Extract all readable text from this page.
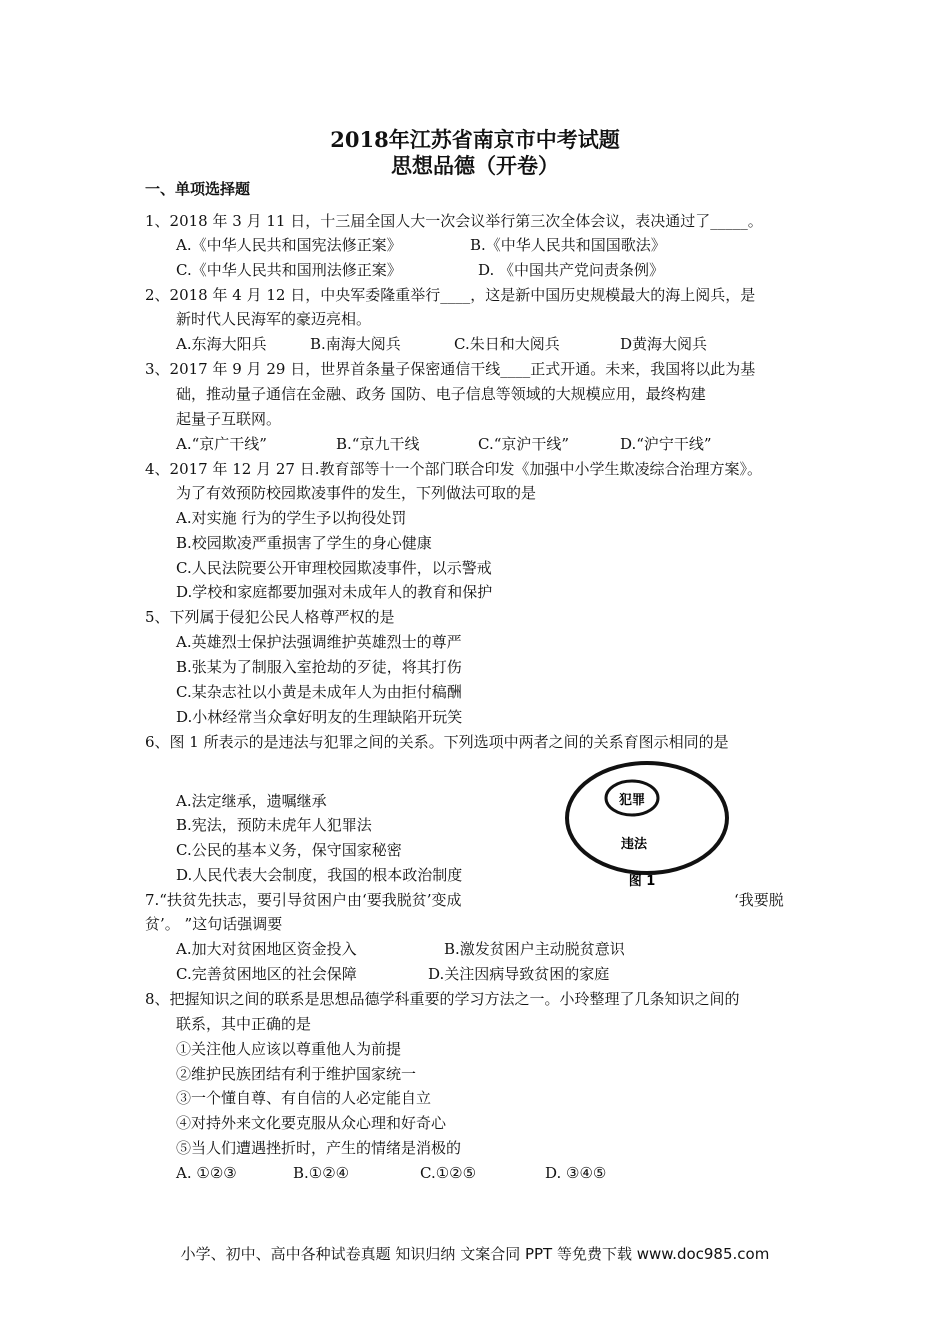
2018年江苏省南京市中考试题
思想品德（开卷）
一、单项选择题
1、2018 年 3 月 11 日，十三届全国人大一次会议举行第三次全体会议，表决通过了_____。
A.《中华人民共和国宪法修正案》	B.《中华人民共和国国歌法》
C.《中华人民共和国刑法修正案》	D. 《中国共产党问责条例》
2、2018 年 4 月 12 日，中央军委隆重举行____，这是新中国历史规模最大的海上阅兵，是
新时代人民海军的豪迈亮相。
A.东海大阳兵	B.南海大阅兵	C.朱日和大阅兵	D黄海大阅兵
3、2017 年 9 月 29 日，世界首条量子保密通信干线____正式开通。未来，我国将以此为基
础，推动量子通信在金融、政务 国防、电子信息等领域的大规模应用，最终构建
起量子互联网。
A.“京广干线”	B.“京九干线	C.“京沪干线”	D.“沪宁干线”
4、2017 年 12 月 27 日.教育部等十一个部门联合印发《加强中小学生欺凌综合治理方案》。
为了有效预防校园欺凌事件的发生，下列做法可取的是
A.对实施 行为的学生予以拘役处罚
B.校园欺凌严重损害了学生的身心健康
C.人民法院要公开审理校园欺凌事件，以示警戒
D.学校和家庭都要加强对未成年人的教育和保护
5、下列属于侵犯公民人格尊严权的是
A.英雄烈士保护法强调维护英雄烈士的尊严
B.张某为了制服入室抢劫的歹徒，将其打伤
C.某杂志社以小黄是未成年人为由拒付稿酬
D.小林经常当众拿好明友的生理缺陷开玩笑
6、图 1 所表示的是违法与犯罪之间的关系。下列选项中两者之间的关系育图示相同的是
A.法定继承，遗嘱继承
B.宪法，预防未虎年人犯罪法
C.公民的基本义务，保守国家秘密
D.人民代表大会制度，我国的根本政治制度
犯罪
违法
图 1
7.“扶贫先扶志，要引导贫困户由‘要我脱贫’变成	‘我要脱
贫’。 ”这句话强调要
A.加大对贫困地区资金投入	B.激发贫困户主动脱贫意识
C.完善贫困地区的社会保障	D.关注因病导致贫困的家庭
8、把握知识之间的联系是思想品德学科重要的学习方法之一。小玲整理了几条知识之间的
联系，其中正确的是
①关注他人应该以尊重他人为前提
②维护民族团结有利于维护国家统一
③一个懂自尊、有自信的人必定能自立
④对持外来文化要克服从众心理和好奇心
⑤当人们遭遇挫折时，产生的情绪是消极的
A. ①②③	B.①②④	C.①②⑤	D. ③④⑤
小学、初中、高中各种试卷真题 知识归纳 文案合同 PPT 等免费下载 www.doc985.com
